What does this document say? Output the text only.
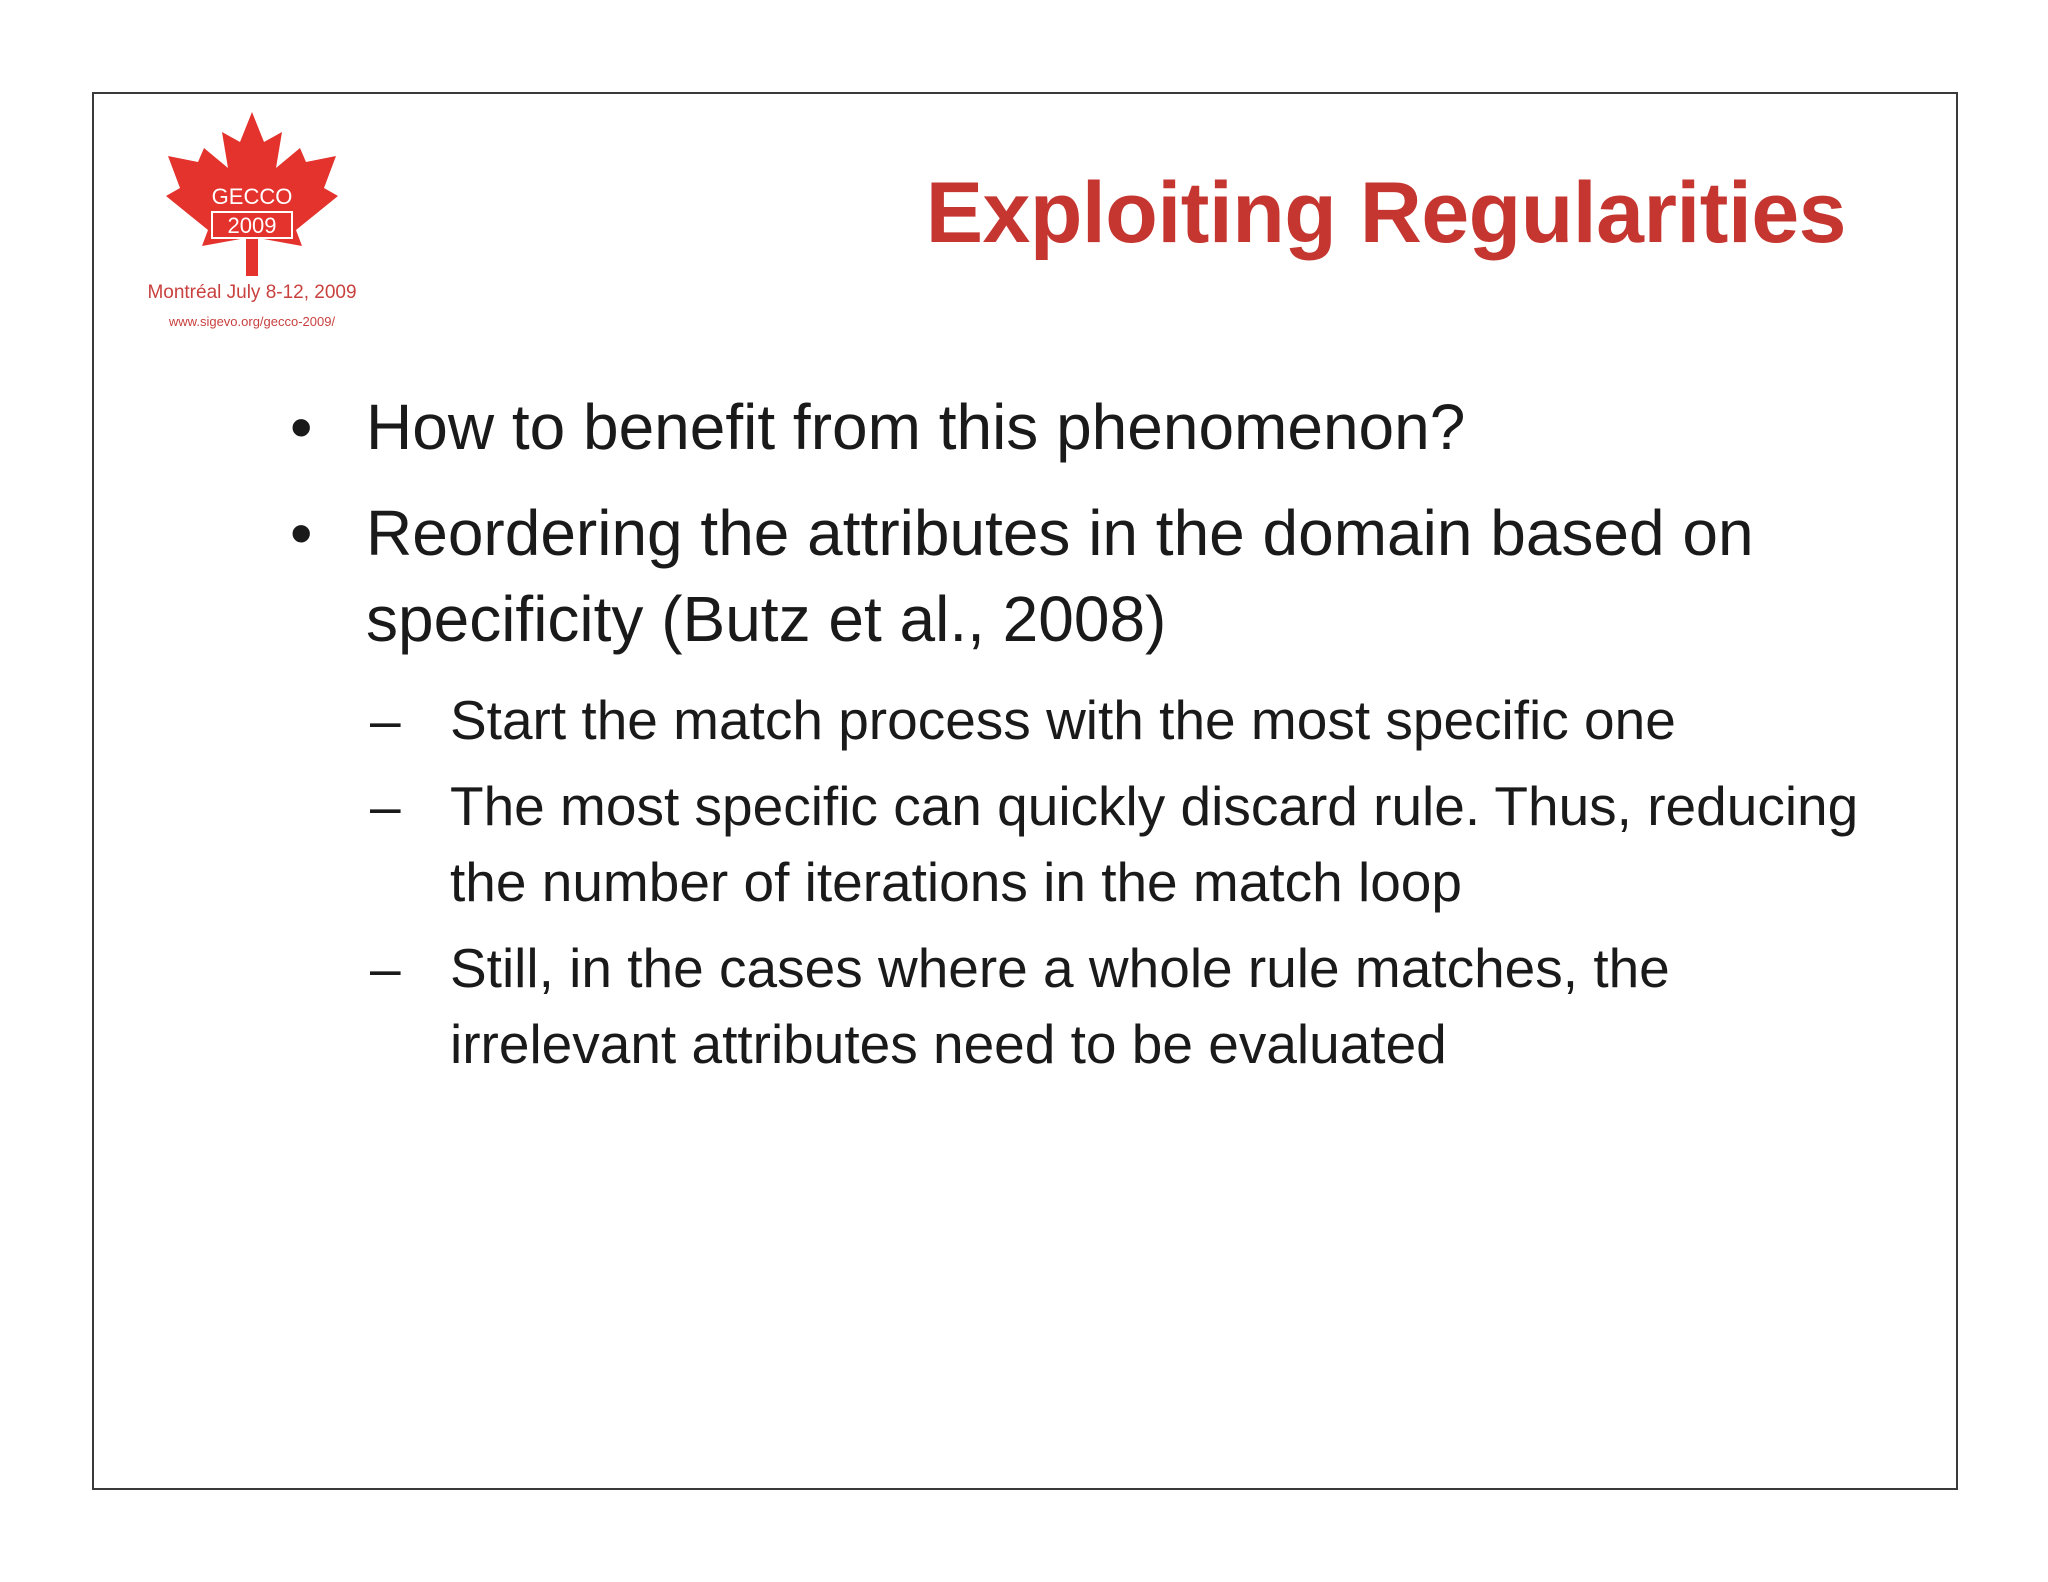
GECCO
2009
Montréal July 8-12, 2009
www.sigevo.org/gecco-2009/
Exploiting Regularities
• How to benefit from this phenomenon?
• Reordering the attributes in the domain based on specificity (Butz et al., 2008)
– Start the match process with the most specific one
– The most specific can quickly discard rule. Thus, reducing the number of iterations in the match loop
– Still, in the cases where a whole rule matches, the irrelevant attributes need to be evaluated
